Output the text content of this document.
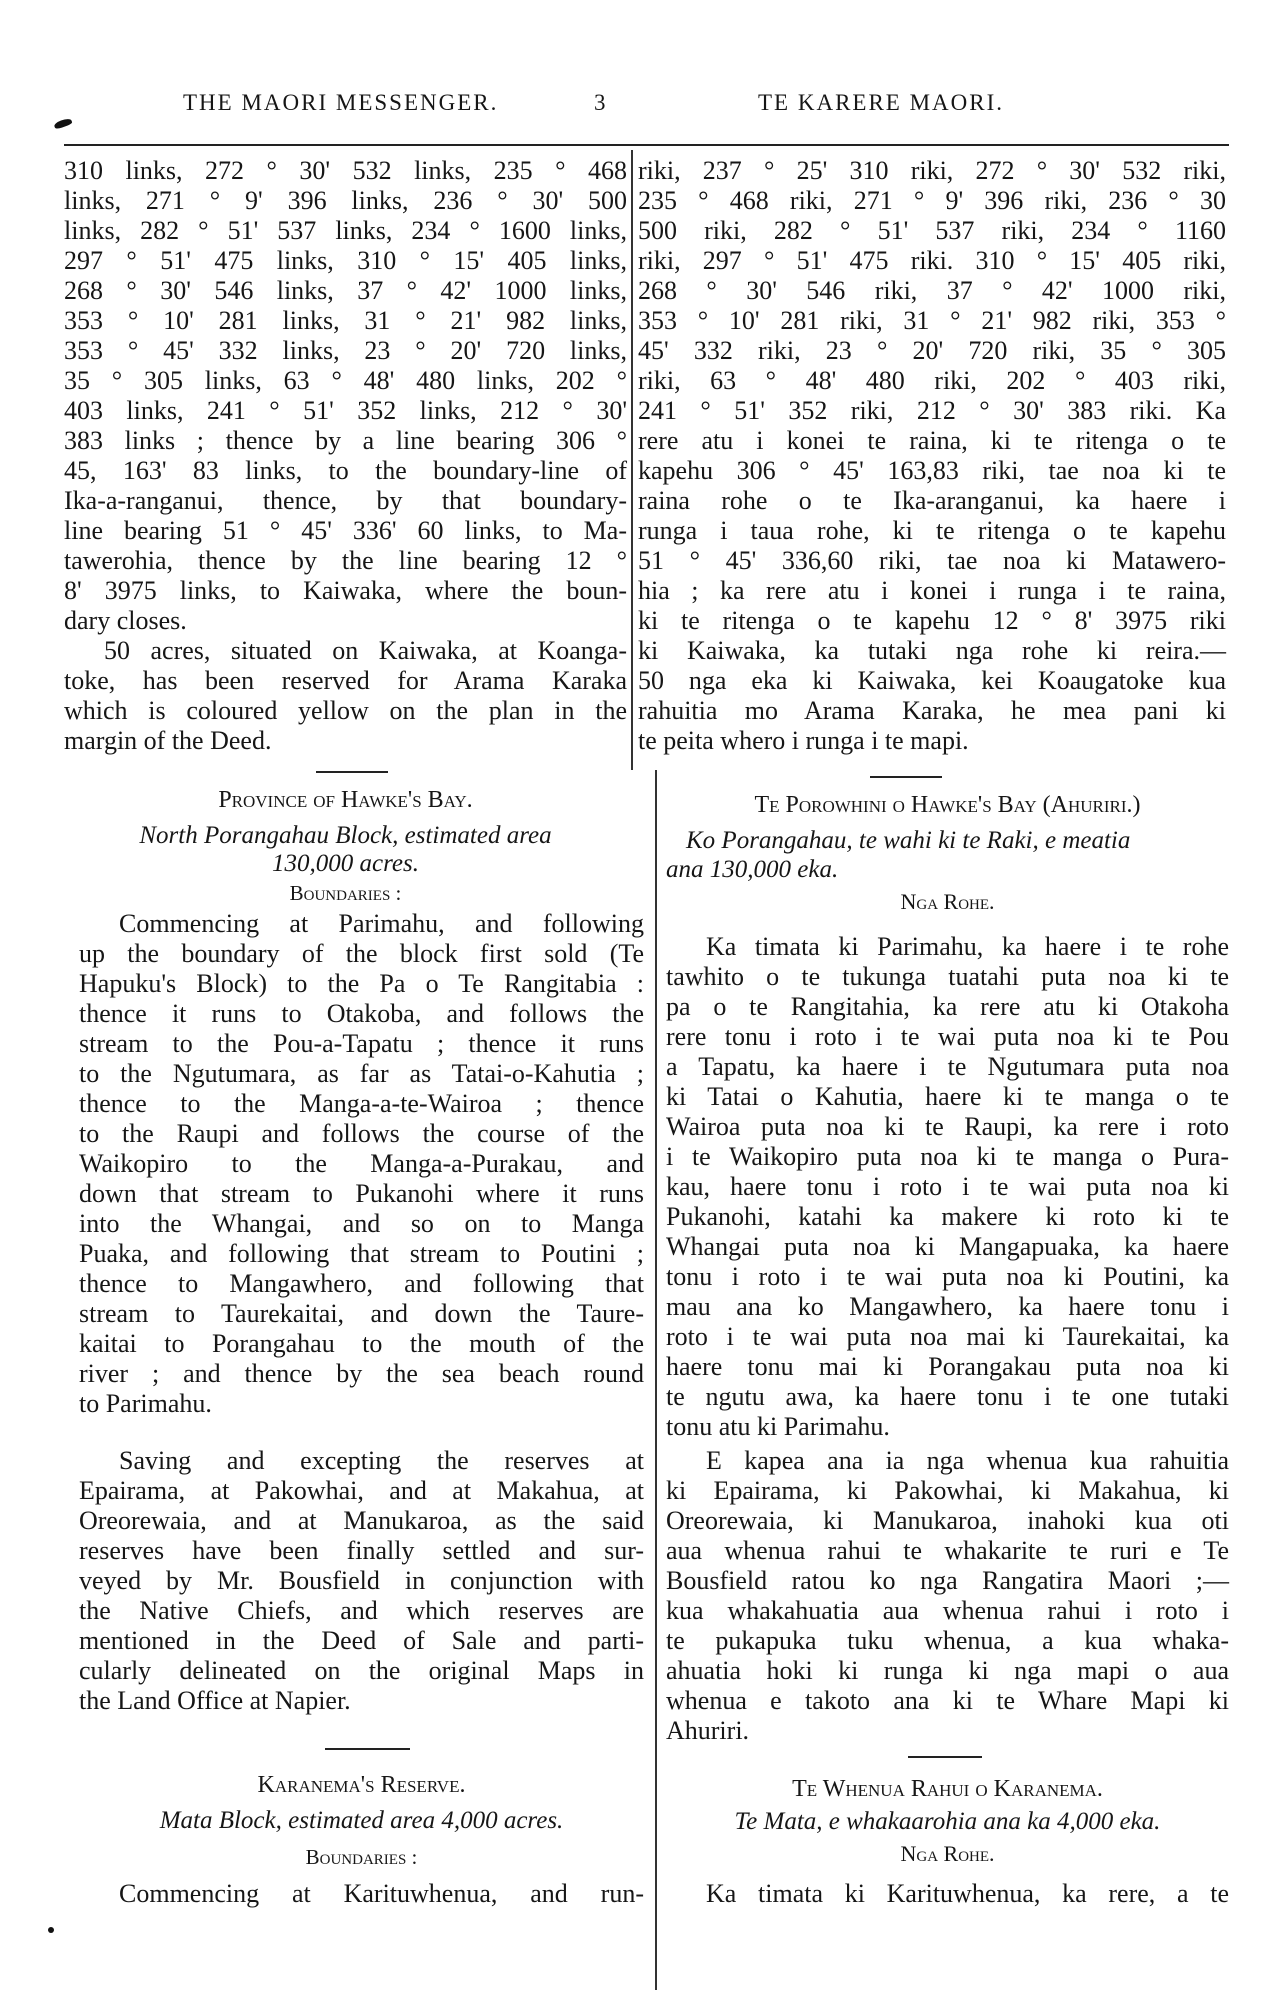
THE MAORI MESSENGER.	3	TE KARERE MAORI.
310 links, 272 ° 30' 532 links, 235 ° 468
links, 271 ° 9' 396 links, 236 ° 30' 500
links, 282 ° 51' 537 links, 234 ° 1600 links,
297 ° 51' 475 links, 310 ° 15' 405 links,
268 ° 30' 546 links, 37 ° 42' 1000 links,
353 ° 10' 281 links, 31 ° 21' 982 links,
353 ° 45' 332 links, 23 ° 20' 720 links,
35 ° 305 links, 63 ° 48' 480 links, 202 °
403 links, 241 ° 51' 352 links, 212 ° 30'
383 links ; thence by a line bearing 306 °
45, 163' 83 links, to the boundary-line of
Ika-a-ranganui, thence, by that boundary-
line bearing 51 ° 45' 336' 60 links, to Ma-
tawerohia, thence by the line bearing 12 °
8' 3975 links, to Kaiwaka, where the boun-
dary closes.
50 acres, situated on Kaiwaka, at Koanga-
toke, has been reserved for Arama Karaka
which is coloured yellow on the plan in the
margin of the Deed.
Province of Hawke's Bay.
North Porangahau Block, estimated area
130,000 acres.
Boundaries :
Commencing at Parimahu, and following
up the boundary of the block first sold (Te
Hapuku's Block) to the Pa o Te Rangitabia :
thence it runs to Otakoba, and follows the
stream to the Pou-a-Tapatu ; thence it runs
to the Ngutumara, as far as Tatai-o-Kahutia ;
thence to the Manga-a-te-Wairoa ; thence
to the Raupi and follows the course of the
Waikopiro to the Manga-a-Purakau, and
down that stream to Pukanohi where it runs
into the Whangai, and so on to Manga
Puaka, and following that stream to Poutini ;
thence to Mangawhero, and following that
stream to Taurekaitai, and down the Taure-
kaitai to Porangahau to the mouth of the
river ; and thence by the sea beach round
to Parimahu.
Saving and excepting the reserves at
Epairama, at Pakowhai, and at Makahua, at
Oreorewaia, and at Manukaroa, as the said
reserves have been finally settled and sur-
veyed by Mr. Bousfield in conjunction with
the Native Chiefs, and which reserves are
mentioned in the Deed of Sale and parti-
cularly delineated on the original Maps in
the Land Office at Napier.
Karanema's Reserve.
Mata Block, estimated area 4,000 acres.
Boundaries :
Commencing at Karituwhenua, and run-
riki, 237 ° 25' 310 riki, 272 ° 30' 532 riki,
235 ° 468 riki, 271 ° 9' 396 riki, 236 ° 30
500 riki, 282 ° 51' 537 riki, 234 ° 1160
riki, 297 ° 51' 475 riki. 310 ° 15' 405 riki,
268 ° 30' 546 riki, 37 ° 42' 1000 riki,
353 ° 10' 281 riki, 31 ° 21' 982 riki, 353 °
45' 332 riki, 23 ° 20' 720 riki, 35 ° 305
riki, 63 ° 48' 480 riki, 202 ° 403 riki,
241 ° 51' 352 riki, 212 ° 30' 383 riki. Ka
rere atu i konei te raina, ki te ritenga o te
kapehu 306 ° 45' 163,83 riki, tae noa ki te
raina rohe o te Ika-aranganui, ka haere i
runga i taua rohe, ki te ritenga o te kapehu
51 ° 45' 336,60 riki, tae noa ki Matawero-
hia ; ka rere atu i konei i runga i te raina,
ki te ritenga o te kapehu 12 ° 8' 3975 riki
ki Kaiwaka, ka tutaki nga rohe ki reira.—
50 nga eka ki Kaiwaka, kei Koaugatoke kua
rahuitia mo Arama Karaka, he mea pani ki
te peita whero i runga i te mapi.
Te Porowhini o Hawke's Bay (Ahuriri.)
Ko Porangahau, te wahi ki te Raki, e meatia
ana 130,000 eka.
Nga Rohe.
Ka timata ki Parimahu, ka haere i te rohe
tawhito o te tukunga tuatahi puta noa ki te
pa o te Rangitahia, ka rere atu ki Otakoha
rere tonu i roto i te wai puta noa ki te Pou
a Tapatu, ka haere i te Ngutumara puta noa
ki Tatai o Kahutia, haere ki te manga o te
Wairoa puta noa ki te Raupi, ka rere i roto
i te Waikopiro puta noa ki te manga o Pura-
kau, haere tonu i roto i te wai puta noa ki
Pukanohi, katahi ka makere ki roto ki te
Whangai puta noa ki Mangapuaka, ka haere
tonu i roto i te wai puta noa ki Poutini, ka
mau ana ko Mangawhero, ka haere tonu i
roto i te wai puta noa mai ki Taurekaitai, ka
haere tonu mai ki Porangakau puta noa ki
te ngutu awa, ka haere tonu i te one tutaki
tonu atu ki Parimahu.
E kapea ana ia nga whenua kua rahuitia
ki Epairama, ki Pakowhai, ki Makahua, ki
Oreorewaia, ki Manukaroa, inahoki kua oti
aua whenua rahui te whakarite te ruri e Te
Bousfield ratou ko nga Rangatira Maori ;—
kua whakahuatia aua whenua rahui i roto i
te pukapuka tuku whenua, a kua whaka-
ahuatia hoki ki runga ki nga mapi o aua
whenua e takoto ana ki te Whare Mapi ki
Ahuriri.
Te Whenua Rahui o Karanema.
Te Mata, e whakaarohia ana ka 4,000 eka.
Nga Rohe.
Ka timata ki Karituwhenua, ka rere, a te
